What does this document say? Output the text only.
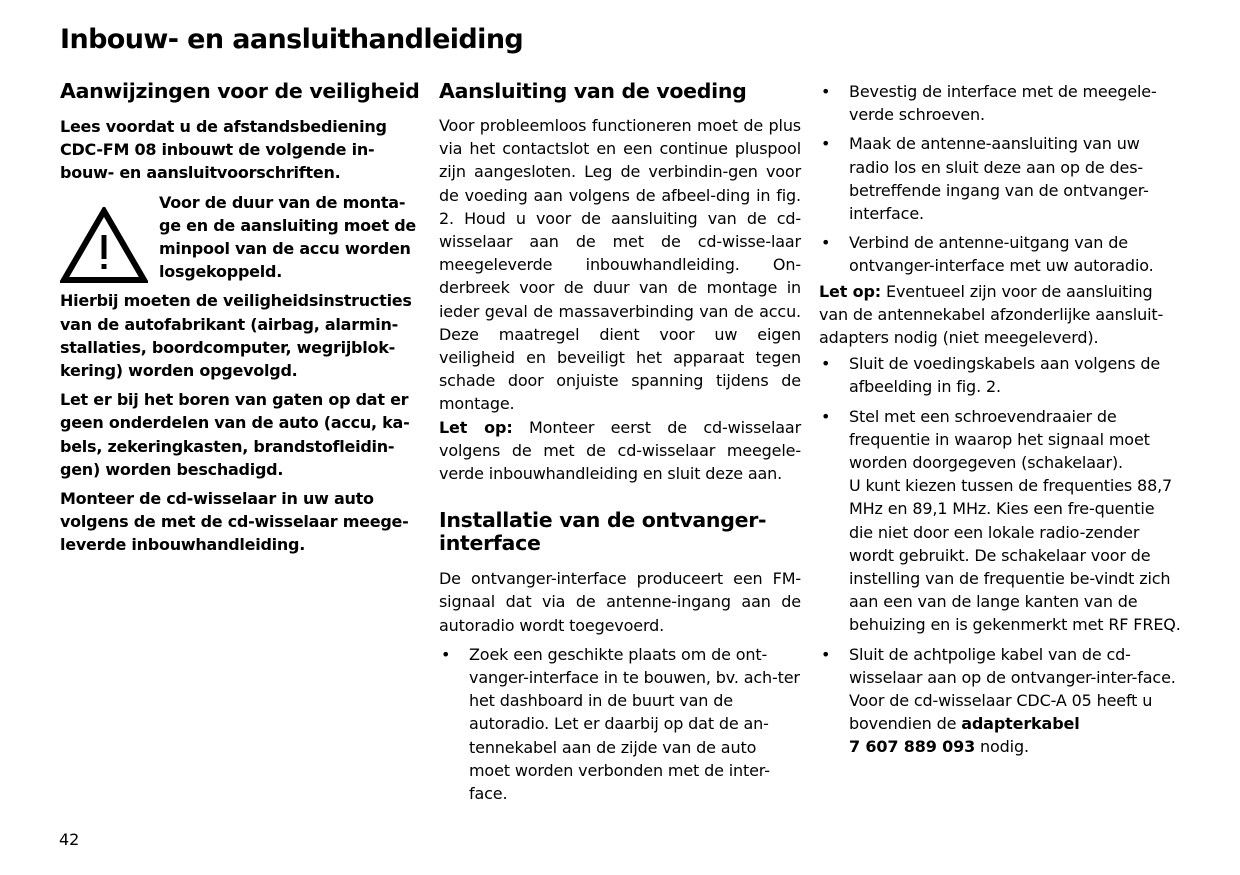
Inbouw- en aansluithandleiding
Aanwijzingen voor de veiligheid

Lees voordat u de afstandsbediening CDC-FM 08 inbouwt de volgende in-bouw- en aansluitvoorschriften.

Voor de duur van de monta-ge en de aansluiting moet de minpool van de accu worden losgekoppeld.

Hierbij moeten de veiligheidsinstructies van de autofabrikant (airbag, alarmin-stallaties, boordcomputer, wegrijblok-kering) worden opgevolgd.

Let er bij het boren van gaten op dat er geen onderdelen van de auto (accu, ka-bels, zekeringkasten, brandstofleidin-gen) worden beschadigd.

Monteer de cd-wisselaar in uw auto volgens de met de cd-wisselaar meege-leverde inbouwhandleiding.

Aansluiting van de voeding

Voor probleemloos functioneren moet de plus via het contactslot en een continue pluspool zijn aangesloten. Leg de verbindin-gen voor de voeding aan volgens de afbeel-ding in fig. 2. Houd u voor de aansluiting van de cd-wisselaar aan de met de cd-wisse-laar meegeleverde inbouwhandleiding. On-derbreek voor de duur van de montage in ieder geval de massaverbinding van de accu. Deze maatregel dient voor uw eigen veiligheid en beveiligt het apparaat tegen schade door onjuiste spanning tijdens de montage.

Let op: Monteer eerst de cd-wisselaar volgens de met de cd-wisselaar meegele-verde inbouwhandleiding en sluit deze aan.

Installatie van de ontvanger-interface

De ontvanger-interface produceert een FM-signaal dat via de antenne-ingang aan de autoradio wordt toegevoerd.

• Zoek een geschikte plaats om de ont-vanger-interface in te bouwen, bv. ach-ter het dashboard in de buurt van de autoradio. Let er daarbij op dat de an-tennekabel aan de zijde van de auto moet worden verbonden met de inter-face.
• Bevestig de interface met de meegele-verde schroeven.
• Maak de antenne-aansluiting van uw radio los en sluit deze aan op de des-betreffende ingang van de ontvanger-interface.
• Verbind de antenne-uitgang van de ontvanger-interface met uw autoradio.

Let op: Eventueel zijn voor de aansluiting van de antennekabel afzonderlijke aansluit-adapters nodig (niet meegeleverd).

• Sluit de voedingskabels aan volgens de afbeelding in fig. 2.
• Stel met een schroevendraaier de frequentie in waarop het signaal moet worden doorgegeven (schakelaar).
U kunt kiezen tussen de frequenties 88,7 MHz en 89,1 MHz. Kies een fre-quentie die niet door een lokale radio-zender wordt gebruikt. De schakelaar voor de instelling van de frequentie be-vindt zich aan een van de lange kanten van de behuizing en is gekenmerkt met RF FREQ.
• Sluit de achtpolige kabel van de cd-wisselaar aan op de ontvanger-inter-face. Voor de cd-wisselaar CDC-A 05 heeft u bovendien de adapterkabel
7 607 889 093 nodig.
42
